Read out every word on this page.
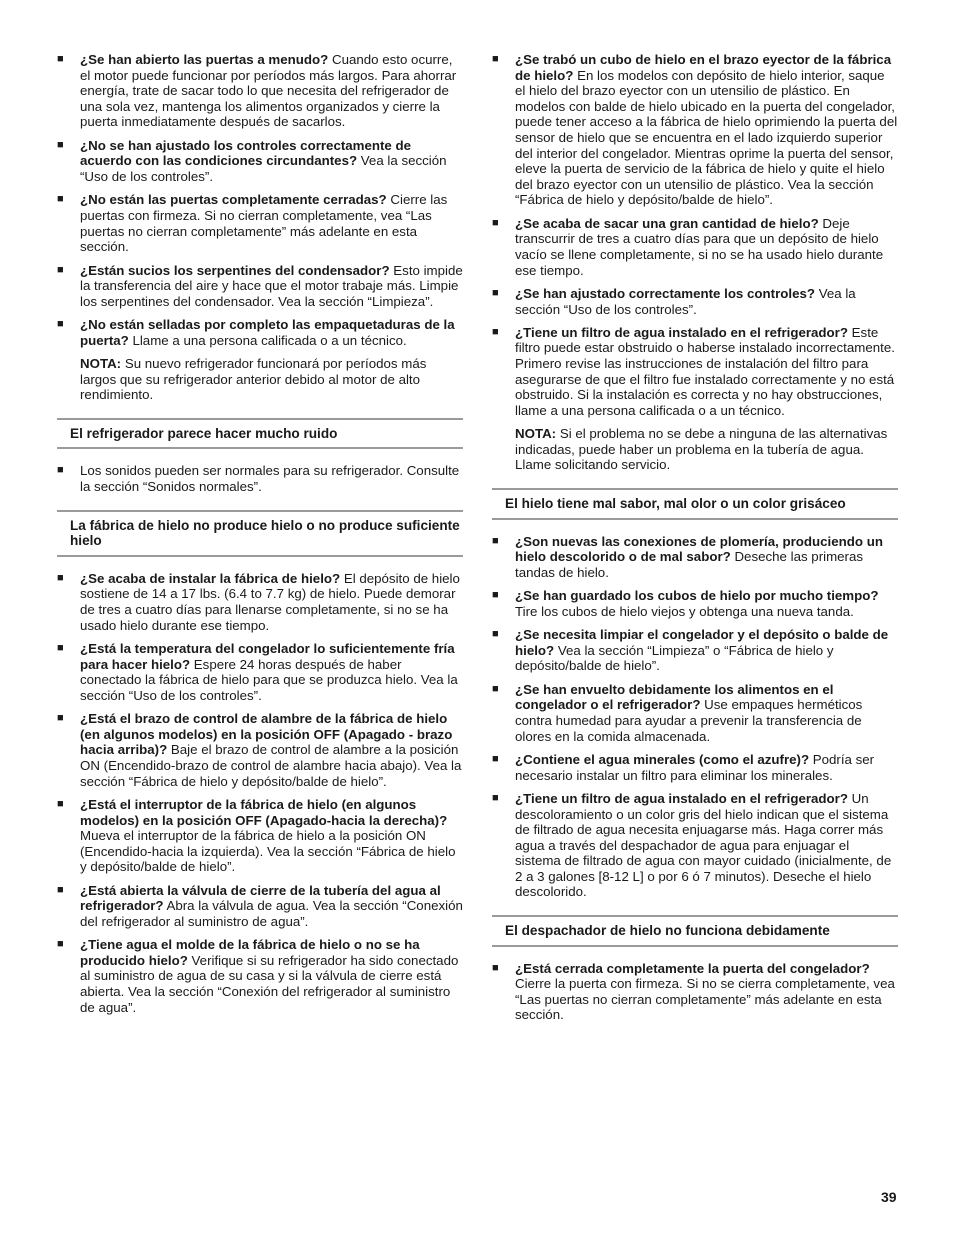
■ ¿Se han abierto las puertas a menudo? Cuando esto ocurre, el motor puede funcionar por períodos más largos. Para ahorrar energía, trate de sacar todo lo que necesita del refrigerador de una sola vez, mantenga los alimentos organizados y cierre la puerta inmediatamente después de sacarlos.
■ ¿No se han ajustado los controles correctamente de acuerdo con las condiciones circundantes? Vea la sección “Uso de los controles”.
■ ¿No están las puertas completamente cerradas? Cierre las puertas con firmeza. Si no cierran completamente, vea “Las puertas no cierran completamente” más adelante en esta sección.
■ ¿Están sucios los serpentines del condensador? Esto impide la transferencia del aire y hace que el motor trabaje más. Limpie los serpentines del condensador. Vea la sección “Limpieza”.
■ ¿No están selladas por completo las empaquetaduras de la puerta? Llame a una persona calificada o a un técnico.
NOTA: Su nuevo refrigerador funcionará por períodos más largos que su refrigerador anterior debido al motor de alto rendimiento.
El refrigerador parece hacer mucho ruido
■ Los sonidos pueden ser normales para su refrigerador. Consulte la sección “Sonidos normales”.
La fábrica de hielo no produce hielo o no produce suficiente hielo
■ ¿Se acaba de instalar la fábrica de hielo? El depósito de hielo sostiene de 14 a 17 lbs. (6.4 to 7.7 kg) de hielo. Puede demorar de tres a cuatro días para llenarse completamente, si no se ha usado hielo durante ese tiempo.
■ ¿Está la temperatura del congelador lo suficientemente fría para hacer hielo? Espere 24 horas después de haber conectado la fábrica de hielo para que se produzca hielo. Vea la sección “Uso de los controles”.
■ ¿Está el brazo de control de alambre de la fábrica de hielo (en algunos modelos) en la posición OFF (Apagado - brazo hacia arriba)? Baje el brazo de control de alambre a la posición ON (Encendido-brazo de control de alambre hacia abajo). Vea la sección “Fábrica de hielo y depósito/balde de hielo”.
■ ¿Está el interruptor de la fábrica de hielo (en algunos modelos) en la posición OFF (Apagado-hacia la derecha)? Mueva el interruptor de la fábrica de hielo a la posición ON (Encendido-hacia la izquierda). Vea la sección “Fábrica de hielo y depósito/balde de hielo”.
■ ¿Está abierta la válvula de cierre de la tubería del agua al refrigerador? Abra la válvula de agua. Vea la sección “Conexión del refrigerador al suministro de agua”.
■ ¿Tiene agua el molde de la fábrica de hielo o no se ha producido hielo? Verifique si su refrigerador ha sido conectado al suministro de agua de su casa y si la válvula de cierre está abierta. Vea la sección “Conexión del refrigerador al suministro de agua”.
■ ¿Se trabó un cubo de hielo en el brazo eyector de la fábrica de hielo? En los modelos con depósito de hielo interior, saque el hielo del brazo eyector con un utensilio de plástico. En modelos con balde de hielo ubicado en la puerta del congelador, puede tener acceso a la fábrica de hielo oprimiendo la puerta del sensor de hielo que se encuentra en el lado izquierdo superior del interior del congelador. Mientras oprime la puerta del sensor, eleve la puerta de servicio de la fábrica de hielo y quite el hielo del brazo eyector con un utensilio de plástico. Vea la sección “Fábrica de hielo y depósito/balde de hielo”.
■ ¿Se acaba de sacar una gran cantidad de hielo? Deje transcurrir de tres a cuatro días para que un depósito de hielo vacío se llene completamente, si no se ha usado hielo durante ese tiempo.
■ ¿Se han ajustado correctamente los controles? Vea la sección “Uso de los controles”.
■ ¿Tiene un filtro de agua instalado en el refrigerador? Este filtro puede estar obstruido o haberse instalado incorrectamente. Primero revise las instrucciones de instalación del filtro para asegurarse de que el filtro fue instalado correctamente y no está obstruido. Si la instalación es correcta y no hay obstrucciones, llame a una persona calificada o a un técnico.
NOTA: Si el problema no se debe a ninguna de las alternativas indicadas, puede haber un problema en la tubería de agua. Llame solicitando servicio.
El hielo tiene mal sabor, mal olor o un color grisáceo
■ ¿Son nuevas las conexiones de plomería, produciendo un hielo descolorido o de mal sabor? Deseche las primeras tandas de hielo.
■ ¿Se han guardado los cubos de hielo por mucho tiempo? Tire los cubos de hielo viejos y obtenga una nueva tanda.
■ ¿Se necesita limpiar el congelador y el depósito o balde de hielo? Vea la sección “Limpieza” o “Fábrica de hielo y depósito/balde de hielo”.
■ ¿Se han envuelto debidamente los alimentos en el congelador o el refrigerador? Use empaques herméticos contra humedad para ayudar a prevenir la transferencia de olores en la comida almacenada.
■ ¿Contiene el agua minerales (como el azufre)? Podría ser necesario instalar un filtro para eliminar los minerales.
■ ¿Tiene un filtro de agua instalado en el refrigerador? Un descoloramiento o un color gris del hielo indican que el sistema de filtrado de agua necesita enjuagarse más. Haga correr más agua a través del despachador de agua para enjuagar el sistema de filtrado de agua con mayor cuidado (inicialmente, de 2 a 3 galones [8-12 L] o por 6 ó 7 minutos). Deseche el hielo descolorido.
El despachador de hielo no funciona debidamente
■ ¿Está cerrada completamente la puerta del congelador? Cierre la puerta con firmeza. Si no se cierra completamente, vea “Las puertas no cierran completamente” más adelante en esta sección.
39
